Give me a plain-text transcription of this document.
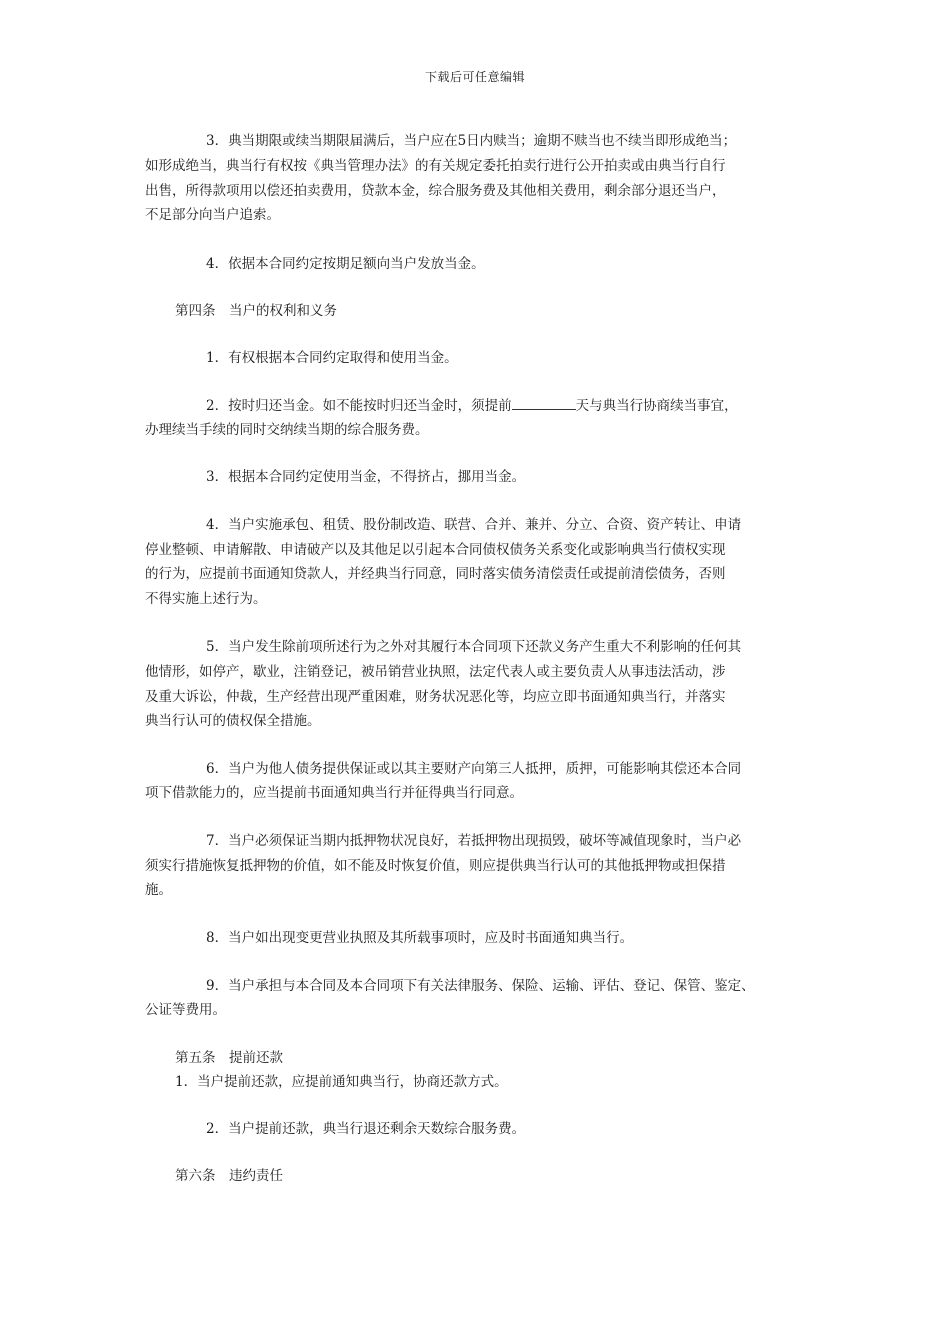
下载后可任意编辑
3．典当期限或续当期限届满后，当户应在5日内赎当；逾期不赎当也不续当即形成绝当；
如形成绝当，典当行有权按《典当管理办法》的有关规定委托拍卖行进行公开拍卖或由典当行自行
出售，所得款项用以偿还拍卖费用，贷款本金，综合服务费及其他相关费用，剩余部分退还当户，
不足部分向当户追索。
4．依据本合同约定按期足额向当户发放当金。
第四条　当户的权利和义务
1．有权根据本合同约定取得和使用当金。
2．按时归还当金。如不能按时归还当金时，须提前	天与典当行协商续当事宜，
办理续当手续的同时交纳续当期的综合服务费。
3．根据本合同约定使用当金，不得挤占，挪用当金。
4．当户实施承包、租赁、股份制改造、联营、合并、兼并、分立、合资、资产转让、申请
停业整顿、申请解散、申请破产以及其他足以引起本合同债权债务关系变化或影响典当行债权实现
的行为，应提前书面通知贷款人，并经典当行同意，同时落实债务清偿责任或提前清偿债务，否则
不得实施上述行为。
5．当户发生除前项所述行为之外对其履行本合同项下还款义务产生重大不利影响的任何其
他情形，如停产，歇业，注销登记，被吊销营业执照，法定代表人或主要负责人从事违法活动，涉
及重大诉讼，仲裁，生产经营出现严重困难，财务状况恶化等，均应立即书面通知典当行，并落实
典当行认可的债权保全措施。
6．当户为他人债务提供保证或以其主要财产向第三人抵押，质押，可能影响其偿还本合同
项下借款能力的，应当提前书面通知典当行并征得典当行同意。
7．当户必须保证当期内抵押物状况良好，若抵押物出现损毁，破坏等减值现象时，当户必
须实行措施恢复抵押物的价值，如不能及时恢复价值，则应提供典当行认可的其他抵押物或担保措
施。
8．当户如出现变更营业执照及其所载事项时，应及时书面通知典当行。
9．当户承担与本合同及本合同项下有关法律服务、保险、运输、评估、登记、保管、鉴定、
公证等费用。
第五条　提前还款
1．当户提前还款，应提前通知典当行，协商还款方式。
2．当户提前还款，典当行退还剩余天数综合服务费。
第六条　违约责任
